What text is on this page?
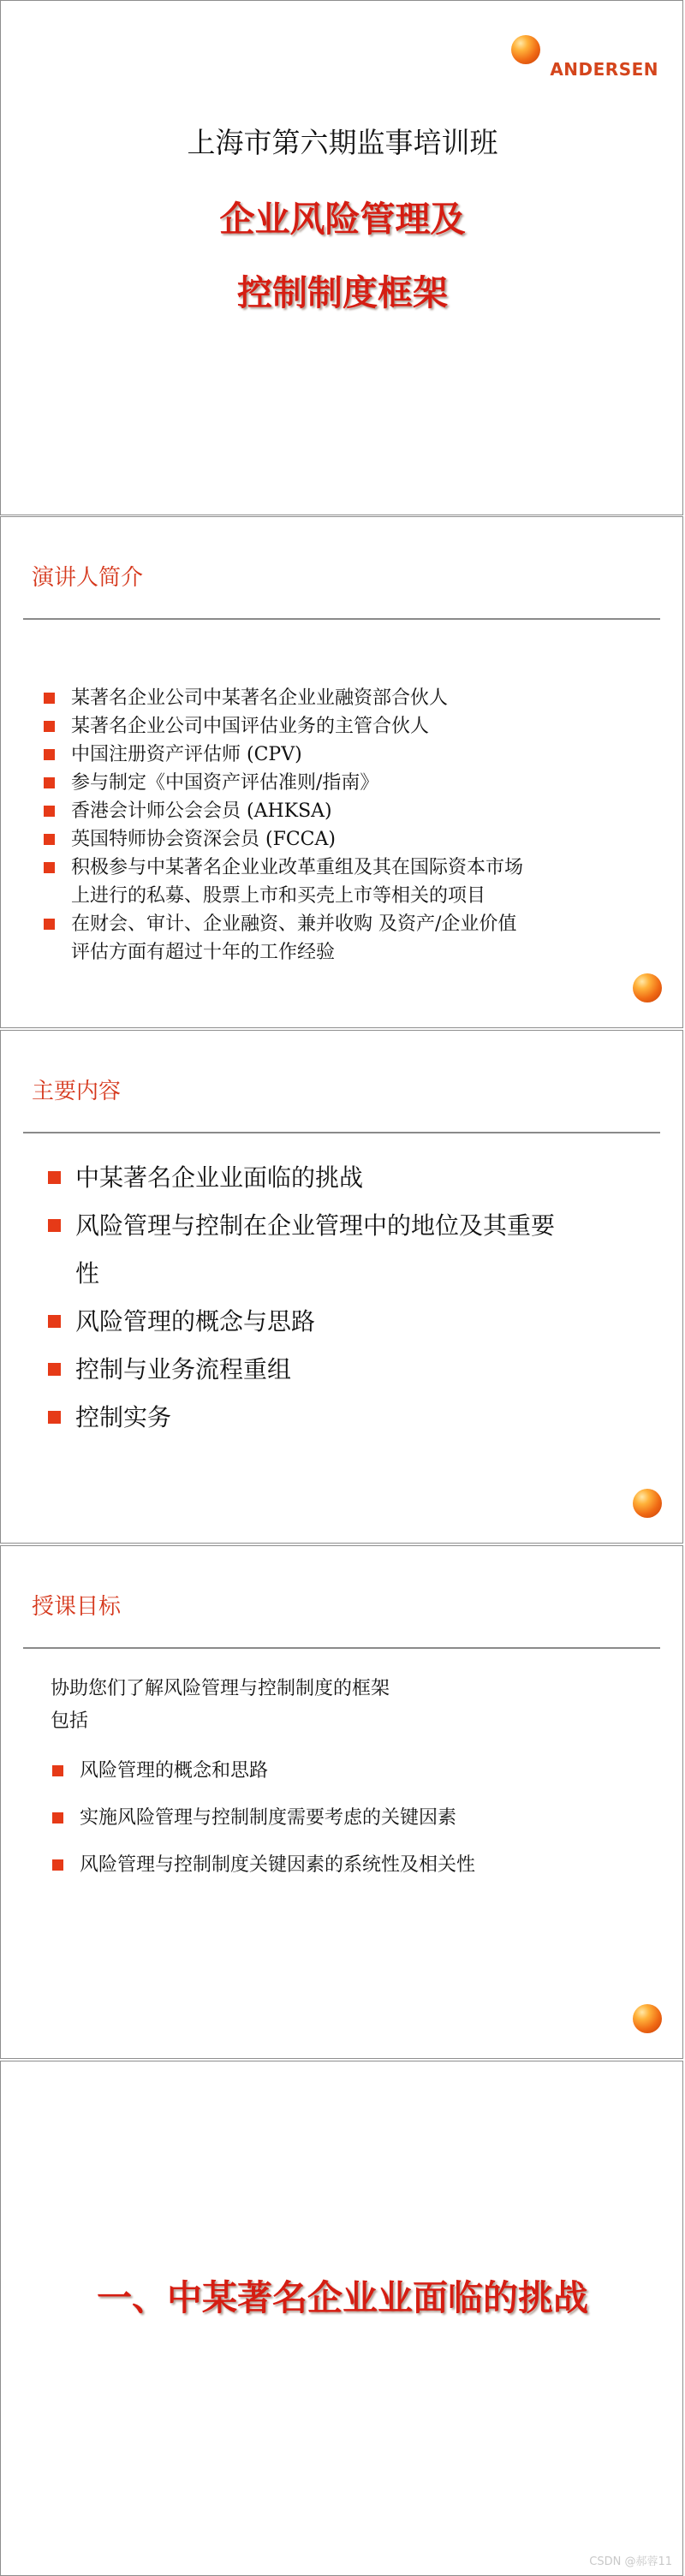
ANDERSEN
上海市第六期监事培训班
企业风险管理及
控制制度框架
演讲人简介
某著名企业公司中某著名企业业融资部合伙人
某著名企业公司中国评估业务的主管合伙人
中国注册资产评估师 (CPV)
参与制定《中国资产评估准则/指南》
香港会计师公会会员 (AHKSA)
英国特师协会资深会员 (FCCA)
积极参与中某著名企业业改革重组及其在国际资本市场
上进行的私募、股票上市和买壳上市等相关的项目
在财会、审计、企业融资、兼并收购 及资产/企业价值
评估方面有超过十年的工作经验
主要内容
中某著名企业业面临的挑战
风险管理与控制在企业管理中的地位及其重要
性
风险管理的概念与思路
控制与业务流程重组
控制实务
授课目标
协助您们了解风险管理与控制制度的框架
包括
风险管理的概念和思路
实施风险管理与控制制度需要考虑的关键因素
风险管理与控制制度关键因素的系统性及相关性
一、中某著名企业业面临的挑战
CSDN @郝蓉11
